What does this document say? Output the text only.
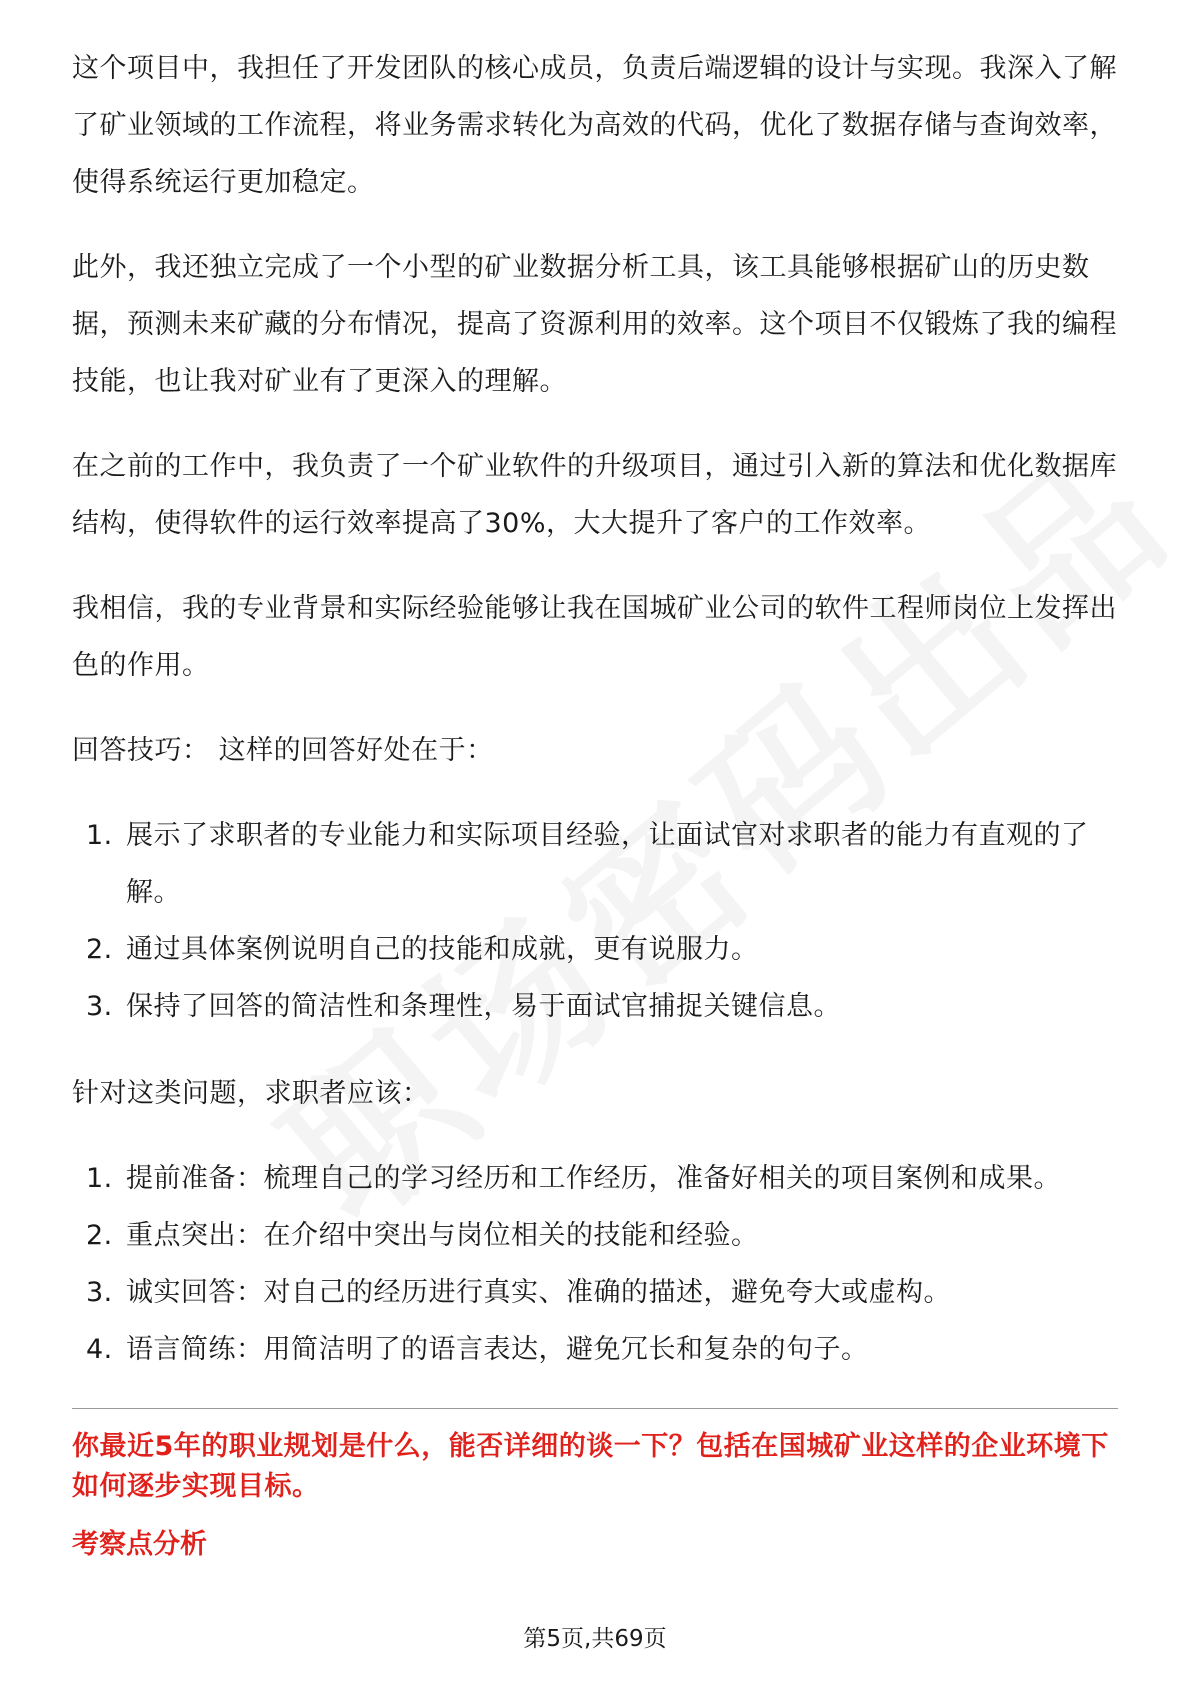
这个项目中，我担任了开发团队的核心成员，负责后端逻辑的设计与实现。我深入了解了矿业领域的工作流程，将业务需求转化为高效的代码，优化了数据存储与查询效率，使得系统运行更加稳定。

此外，我还独立完成了一个小型的矿业数据分析工具，该工具能够根据矿山的历史数据，预测未来矿藏的分布情况，提高了资源利用的效率。这个项目不仅锻炼了我的编程技能，也让我对矿业有了更深入的理解。

在之前的工作中，我负责了一个矿业软件的升级项目，通过引入新的算法和优化数据库结构，使得软件的运行效率提高了30%，大大提升了客户的工作效率。

我相信，我的专业背景和实际经验能够让我在国城矿业公司的软件工程师岗位上发挥出色的作用。

回答技巧： 这样的回答好处在于：

1. 展示了求职者的专业能力和实际项目经验，让面试官对求职者的能力有直观的了解。
2. 通过具体案例说明自己的技能和成就，更有说服力。
3. 保持了回答的简洁性和条理性，易于面试官捕捉关键信息。

针对这类问题，求职者应该：

1. 提前准备：梳理自己的学习经历和工作经历，准备好相关的项目案例和成果。
2. 重点突出：在介绍中突出与岗位相关的技能和经验。
3. 诚实回答：对自己的经历进行真实、准确的描述，避免夸大或虚构。
4. 语言简练：用简洁明了的语言表达，避免冗长和复杂的句子。

你最近5年的职业规划是什么，能否详细的谈一下？包括在国城矿业这样的企业环境下如何逐步实现目标。

考察点分析

第5页,共69页
